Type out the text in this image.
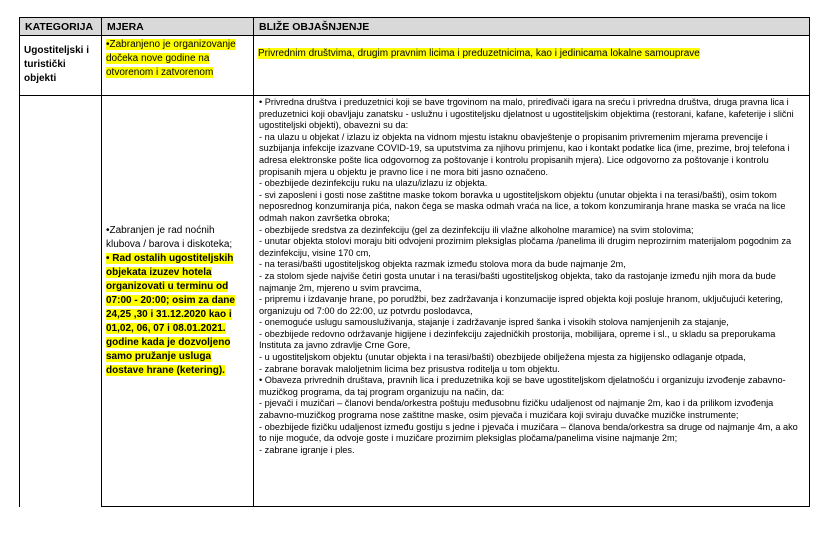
KATEGORIJA	MJERA	BLIŽE OBJAŠNJENJE
Ugostiteljski i turistički objekti
•Zabranjeno je organizovanje dočeka nove godine na otvorenom i zatvorenom
Privrednim društvima, drugim pravnim licima i preduzetnicima, kao i jedinicama lokalne samouprave
•Zabranjen je rad noćnih klubova / barova i diskoteka;
• Rad ostalih ugostiteljskih objekata izuzev hotela organizovati u terminu od 07:00 - 20:00; osim za dane 24,25 ,30 i 31.12.2020 kao i 01,02, 06, 07 i 08.01.2021. godine kada je dozvoljeno samo pružanje usluga dostave hrane (ketering).

• Privredna društva i preduzetnici koji se bave trgovinom na malo, priređivači igara na sreću i privredna društva, druga pravna lica i preduzetnici koji obavljaju zanatsku - uslužnu i ugostiteljsku djelatnost u ugostiteljskim objektima (restorani, kafane, kafeterije i slični ugostiteljski objekti), obavezni su da:

- na ulazu u objekat / izlazu iz objekta na vidnom mjestu istaknu obavještenje o propisanim privremenim mjerama prevencije i suzbijanja infekcije izazvane COVID-19, sa uputstvima za njihovu primjenu, kao i kontakt podatke lica (ime, prezime, broj telefona i adresa elektronske pošte lica odgovornog za poštovanje i kontrolu propisanih mjera). Lice odgovorno za poštovanje i kontrolu propisanih mjera u objektu je pravno lice i ne mora biti jasno označeno.

- obezbijede dezinfekciju ruku na ulazu/izlazu iz objekta.

- svi zaposleni i gosti nose zaštitne maske tokom boravka u ugostiteljskom objektu (unutar objekta i na terasi/bašti), osim tokom neposrednog konzumiranja pića, nakon čega se maska odmah vraća na lice, a tokom konzumiranja hrane maska se vraća na lice odmah nakon završetka obroka;

- obezbijede sredstva za dezinfekciju (gel za dezinfekciju ili vlažne alkoholne maramice) na svim stolovima;

- unutar objekta stolovi moraju biti odvojeni prozirnim pleksiglas pločama /panelima ili drugim neprozirnim materijalom pogodnim za dezinfekciju, visine 170 cm,

- na terasi/bašti ugostiteljskog objekta razmak između stolova mora da bude najmanje 2m,

- za stolom sjede najviše četiri gosta unutar i na terasi/bašti ugostiteljskog objekta, tako da rastojanje između njih mora da bude najmanje 2m, mjereno u svim pravcima,

- pripremu i izdavanje hrane, po porudžbi, bez zadržavanja i konzumacije ispred objekta koji posluje hranom, uključujući ketering, organizuju od 7:00 do 22:00, uz potvrdu poslodavca,

- onemoguće uslugu samousluživanja, stajanje i zadržavanje ispred šanka i visokih stolova namjenjenih za stajanje,

- obezbijede redovno održavanje higijene i dezinfekciju zajedničkih prostorija, mobilijara, opreme i sl., u skladu sa preporukama Instituta za javno zdravlje Crne Gore,

- u ugostiteljskom objektu (unutar objekta i na terasi/bašti) obezbijede obilježena mjesta za higijensko odlaganje otpada,

- zabrane boravak maloljetnim licima bez prisustva roditelja u tom objektu.

• Obaveza privrednih društava, pravnih lica i preduzetnika koji se bave ugostiteljskom djelatnošću i organizuju izvođenje zabavno-muzičkog programa, da taj program organizuju na način, da:

- pjevači i muzičari – članovi benda/orkestra poštuju međusobnu fizičku udaljenost od najmanje 2m, kao i da prilikom izvođenja zabavno-muzičkog programa nose zaštitne maske, osim pjevača i muzičara koji sviraju duvačke muzičke instrumente;

- obezbijede fizičku udaljenost između gostiju s jedne i pjevača i muzičara – članova benda/orkestra sa druge od najmanje 4m, a ako to nije moguće, da odvoje goste i muzičare prozirnim pleksiglas pločama/panelima visine najmanje 2m;

- zabrane igranje i ples.
